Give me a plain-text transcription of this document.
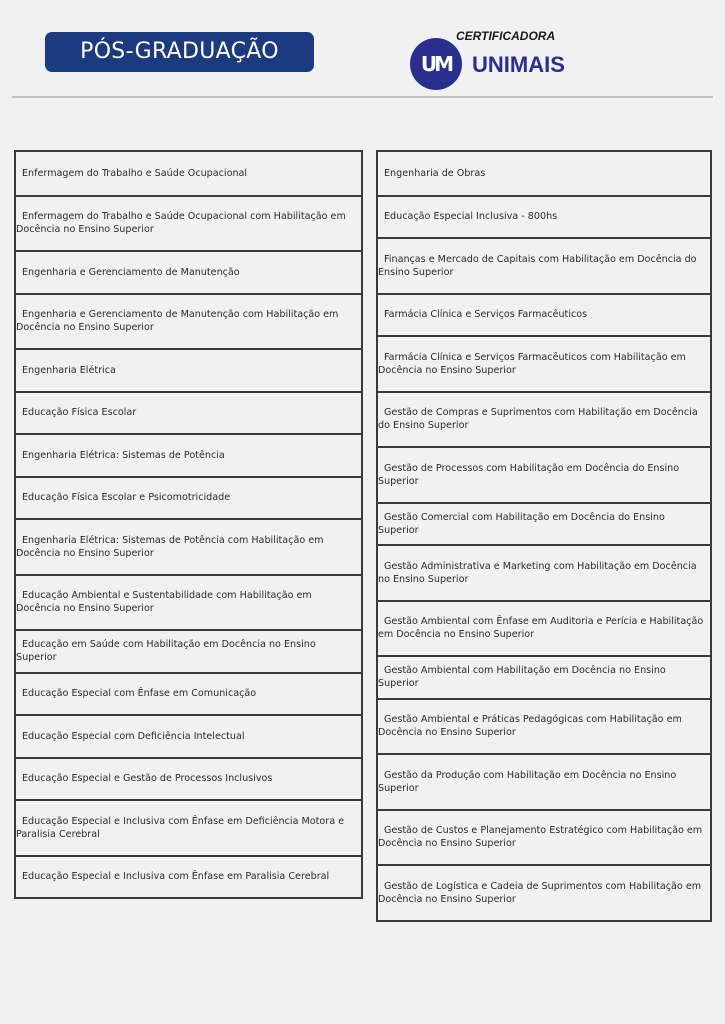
PÓS-GRADUAÇÃO	UM
CERTIFICADORA
UNIMAIS
Enfermagem do Trabalho e Saúde Ocupacional
Enfermagem do Trabalho e Saúde Ocupacional com Habilitação em Docência no Ensino Superior
Engenharia e Gerenciamento de Manutenção
Engenharia e Gerenciamento de Manutenção com Habilitação em Docência no Ensino Superior
Engenharia Elétrica
Educação Física Escolar
Engenharia Elétrica: Sistemas de Potência
Educação Física Escolar e Psicomotricidade
Engenharia Elétrica: Sistemas de Potência com Habilitação em Docência no Ensino Superior
Educação Ambiental e Sustentabilidade com Habilitação em Docência no Ensino Superior
Educação em Saúde com Habilitação em Docência no Ensino Superior
Educação Especial com Ênfase em Comunicação
Educação Especial com Deficiência Intelectual
Educação Especial e Gestão de Processos Inclusivos
Educação Especial e Inclusiva com Ênfase em Deficiência Motora e Paralisia Cerebral
Educação Especial e Inclusiva com Ênfase em Paralisia Cerebral
Engenharia de Obras
Educação Especial Inclusiva - 800hs
Finanças e Mercado de Capitais com Habilitação em Docência do Ensino Superior
Farmácia Clínica e Serviços Farmacêuticos
Farmácia Clínica e Serviços Farmacêuticos com Habilitação em Docência no Ensino Superior
Gestão de Compras e Suprimentos com Habilitação em Docência do Ensino Superior
Gestão de Processos com Habilitação em Docência do Ensino Superior
Gestão Comercial com Habilitação em Docência do Ensino Superior
Gestão Administrativa e Marketing com Habilitação em Docência no Ensino Superior
Gestão Ambiental com Ênfase em Auditoria e Perícia e Habilitação em Docência no Ensino Superior
Gestão Ambiental com Habilitação em Docência no Ensino Superior
Gestão Ambiental e Práticas Pedagógicas com Habilitação em Docência no Ensino Superior
Gestão da Produção com Habilitação em Docência no Ensino Superior
Gestão de Custos e Planejamento Estratégico com Habilitação em Docência no Ensino Superior
Gestão de Logística e Cadeia de Suprimentos com Habilitação em Docência no Ensino Superior
